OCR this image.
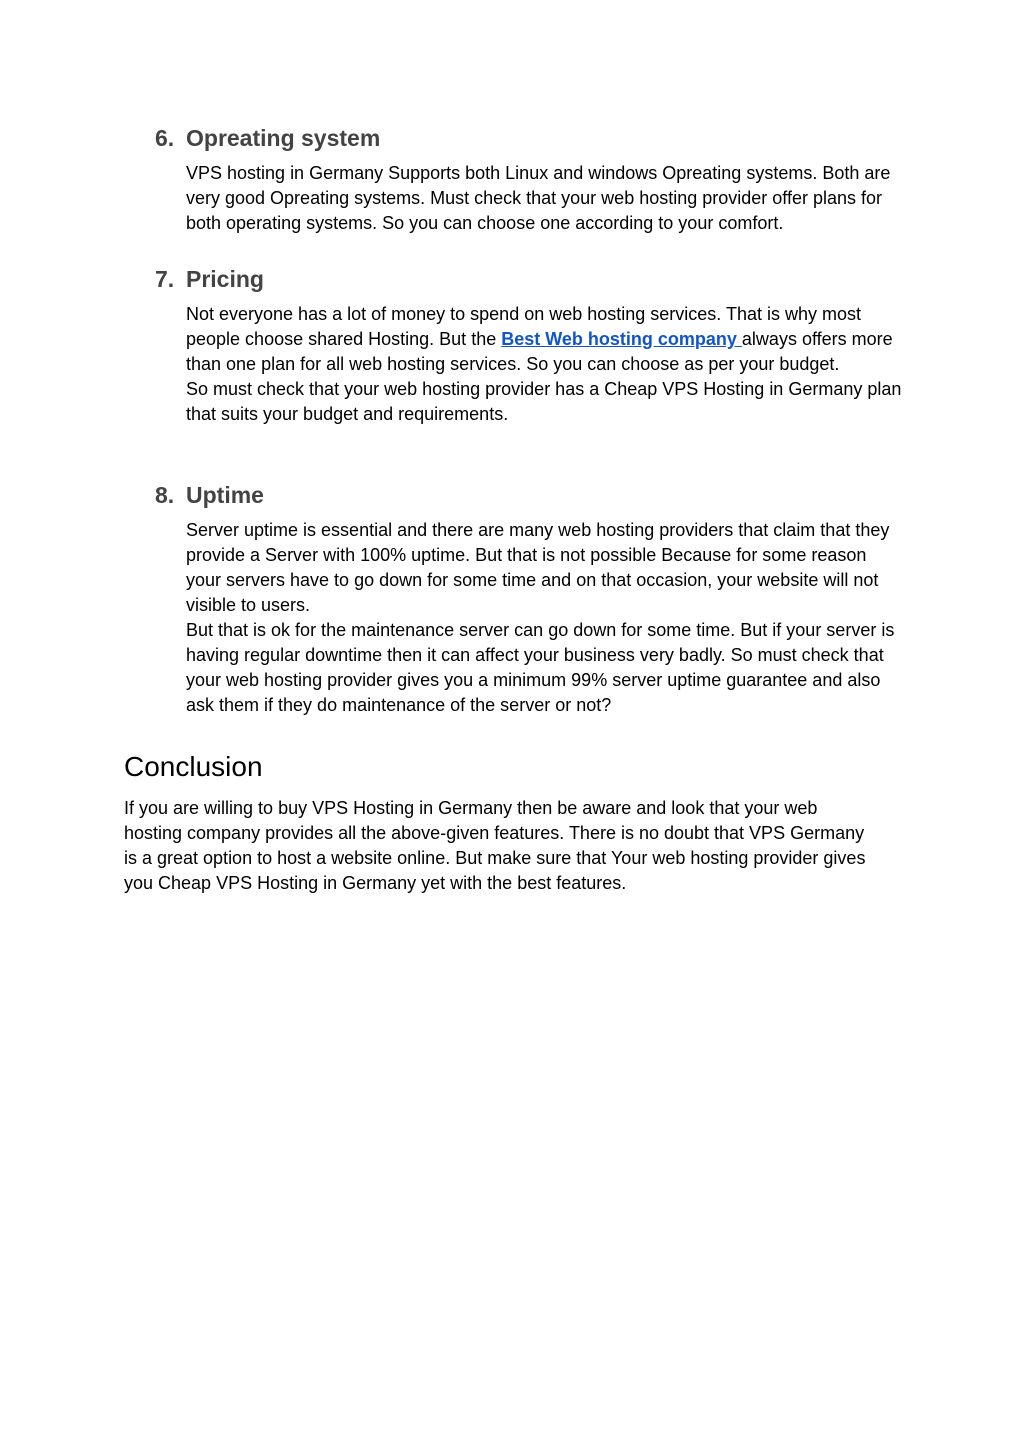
6. Opreating system

VPS hosting in Germany Supports both Linux and windows Opreating systems. Both are very good Opreating systems. Must check that your web hosting provider offer plans for both operating systems. So you can choose one according to your comfort.

7. Pricing

Not everyone has a lot of money to spend on web hosting services. That is why most people choose shared Hosting. But the Best Web hosting company always offers more than one plan for all web hosting services. So you can choose as per your budget.

So must check that your web hosting provider has a Cheap VPS Hosting in Germany plan that suits your budget and requirements.

8. Uptime

Server uptime is essential and there are many web hosting providers that claim that they provide a Server with 100% uptime. But that is not possible Because for some reason your servers have to go down for some time and on that occasion, your website will not visible to users.

But that is ok for the maintenance server can go down for some time. But if your server is having regular downtime then it can affect your business very badly. So must check that your web hosting provider gives you a minimum 99% server uptime guarantee and also ask them if they do maintenance of the server or not?

Conclusion

If you are willing to buy VPS Hosting in Germany then be aware and look that your web hosting company provides all the above-given features. There is no doubt that VPS Germany is a great option to host a website online. But make sure that Your web hosting provider gives you Cheap VPS Hosting in Germany yet with the best features.
